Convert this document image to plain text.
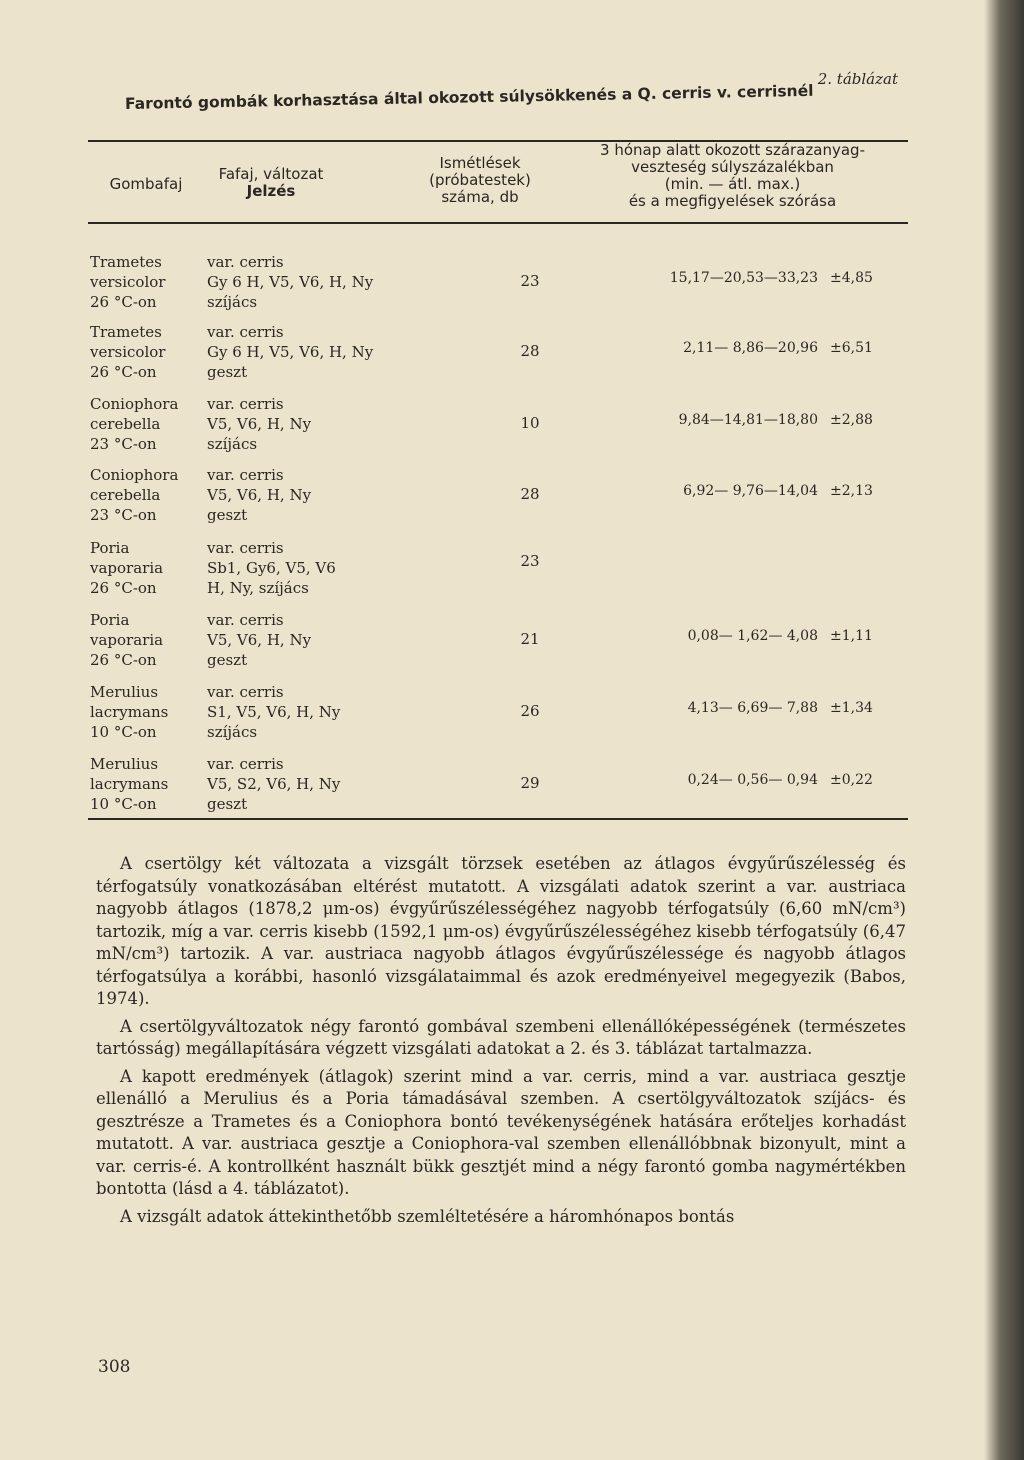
2. táblázat
Farontó gombák korhasztása által okozott súlysökkenés a Q. cerris v. cerrisnél
Gombafaj
Fafaj, változat
Jelzés
Ismétlések
(próbatestek)
száma, db
3 hónap alatt okozott szárazanyag-
veszteség súlyszázalékban
(min. — átl. max.)
és a megfigyelések szórása
Trametes
versicolor
26 °C-on
var. cerris
Gy 6 H, V5, V6, H, Ny
szíjács
23	15,17—20,53—33,23 ±4,85
Trametes
versicolor
26 °C-on
var. cerris
Gy 6 H, V5, V6, H, Ny
geszt
28	2,11— 8,86—20,96 ±6,51
Coniophora
cerebella
23 °C-on
var. cerris
V5, V6, H, Ny
szíjács
10	9,84—14,81—18,80 ±2,88
Coniophora
cerebella
23 °C-on
var. cerris
V5, V6, H, Ny
geszt
28	6,92— 9,76—14,04 ±2,13
Poria
vaporaria
26 °C-on
var. cerris
Sb1, Gy6, V5, V6
H, Ny, szíjács
23
Poria
vaporaria
26 °C-on
var. cerris
V5, V6, H, Ny
geszt
21	0,08— 1,62— 4,08 ±1,11
Merulius
lacrymans
10 °C-on
var. cerris
S1, V5, V6, H, Ny
szíjács
26	4,13— 6,69— 7,88 ±1,34
Merulius
lacrymans
10 °C-on
var. cerris
V5, S2, V6, H, Ny
geszt
29	0,24— 0,56— 0,94 ±0,22

A csertölgy két változata a vizsgált törzsek esetében az átlagos évgyűrűszélesség és térfogatsúly vonatkozásában eltérést mutatott. A vizsgálati adatok szerint a var. austriaca nagyobb átlagos (1878,2 μm-os) évgyűrűszélességéhez nagyobb térfogatsúly (6,60 mN/cm³) tartozik, míg a var. cerris kisebb (1592,1 μm-os) évgyűrűszélességéhez kisebb térfogatsúly (6,47 mN/cm³) tartozik. A var. austriaca nagyobb átlagos évgyűrűszélessége és nagyobb átlagos térfogatsúlya a korábbi, hasonló vizsgálataimmal és azok eredményeivel megegyezik (Babos, 1974).

A csertölgyváltozatok négy farontó gombával szembeni ellenállóképességének (természetes tartósság) megállapítására végzett vizsgálati adatokat a 2. és 3. táblázat tartalmazza.

A kapott eredmények (átlagok) szerint mind a var. cerris, mind a var. austriaca gesztje ellenálló a Merulius és a Poria támadásával szemben. A csertölgyváltozatok szíjács- és gesztrésze a Trametes és a Coniophora bontó tevékenységének hatására erőteljes korhadást mutatott. A var. austriaca gesztje a Coniophora-val szemben ellenállóbbnak bizonyult, mint a var. cerris-é. A kontrollként használt bükk gesztjét mind a négy farontó gomba nagymértékben bontotta (lásd a 4. táblázatot).

A vizsgált adatok áttekinthetőbb szemléltetésére a háromhónapos bontás

308
